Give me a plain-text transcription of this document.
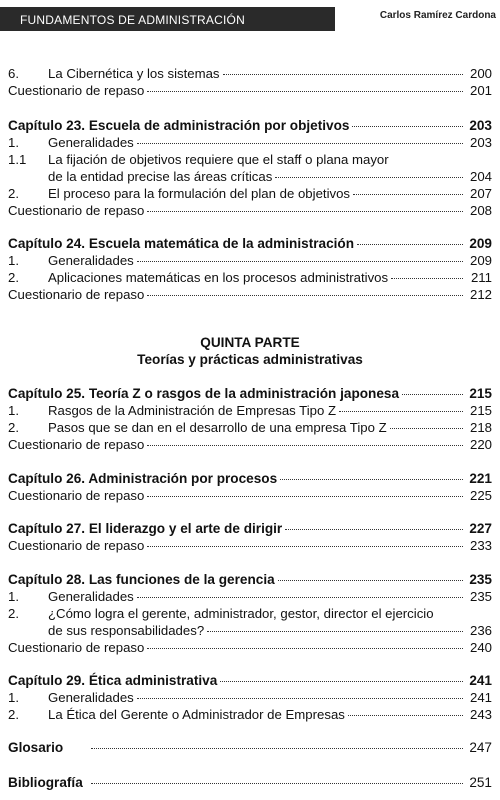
FUNDAMENTOS DE ADMINISTRACIÓN	Carlos Ramírez Cardona
6.	La Cibernética y los sistemas	200
Cuestionario de repaso	201
Capítulo 23. Escuela de administración por objetivos	203
1.	Generalidades	203
1.1	La fijación de objetivos requiere que el staff o plana mayor
de la entidad precise las áreas críticas	204
2.	El proceso para la formulación del plan de objetivos	207
Cuestionario de repaso	208
Capítulo 24. Escuela matemática de la administración	209
1.	Generalidades	209
2.	Aplicaciones matemáticas en los procesos administrativos	211
Cuestionario de repaso	212
QUINTA PARTE
Teorías y prácticas administrativas
Capítulo 25. Teoría Z o rasgos de la administración japonesa	215
1.	Rasgos de la Administración de Empresas Tipo Z	215
2.	Pasos que se dan en el desarrollo de una empresa Tipo Z	218
Cuestionario de repaso	220
Capítulo 26. Administración por procesos	221
Cuestionario de repaso	225
Capítulo 27. El liderazgo y el arte de dirigir	227
Cuestionario de repaso	233
Capítulo 28. Las funciones de la gerencia	235
1.	Generalidades	235
2.	¿Cómo logra el gerente, administrador, gestor, director el ejercicio
de sus responsabilidades?	236
Cuestionario de repaso	240
Capítulo 29. Ética administrativa	241
1.	Generalidades	241
2.	La Ética del Gerente o Administrador de Empresas	243
Glosario	247
Bibliografía	251
